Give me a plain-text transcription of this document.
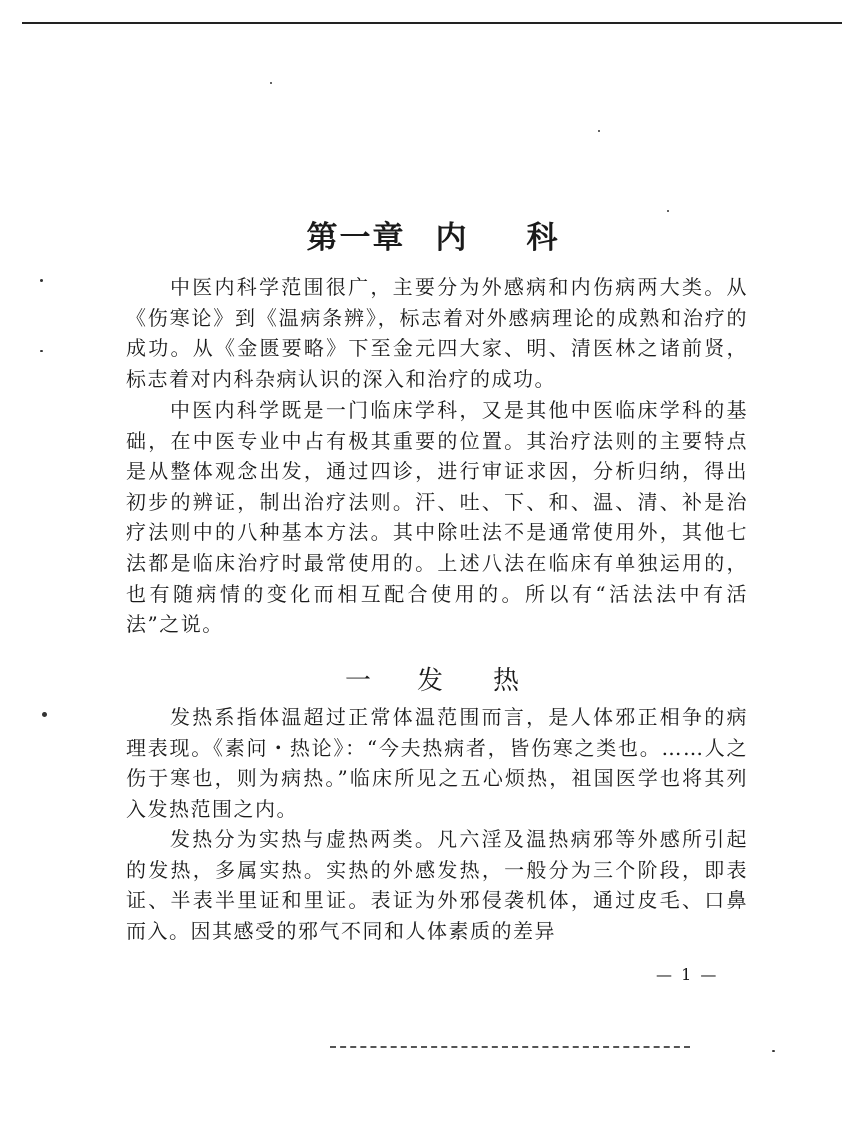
第一章 内 科

中医内科学范围很广，主要分为外感病和内伤病两大类。从《伤寒论》到《温病条辨》，标志着对外感病理论的成熟和治疗的成功。从《金匮要略》下至金元四大家、明、清医林之诸前贤，标志着对内科杂病认识的深入和治疗的成功。

中医内科学既是一门临床学科，又是其他中医临床学科的基础，在中医专业中占有极其重要的位置。其治疗法则的主要特点是从整体观念出发，通过四诊，进行审证求因，分析归纳，得出初步的辨证，制出治疗法则。汗、吐、下、和、温、清、补是治疗法则中的八种基本方法。其中除吐法不是通常使用外，其他七法都是临床治疗时最常使用的。上述八法在临床有单独运用的，也有随病情的变化而相互配合使用的。所以有“活法法中有活法”之说。

一 发 热

发热系指体温超过正常体温范围而言，是人体邪正相争的病理表现。《素问・热论》：“今夫热病者，皆伤寒之类也。……人之伤于寒也，则为病热。”临床所见之五心烦热，祖国医学也将其列入发热范围之内。

发热分为实热与虚热两类。凡六淫及温热病邪等外感所引起的发热，多属实热。实热的外感发热，一般分为三个阶段，即表证、半表半里证和里证。表证为外邪侵袭机体，通过皮毛、口鼻而入。因其感受的邪气不同和人体素质的差异

— 1 —
